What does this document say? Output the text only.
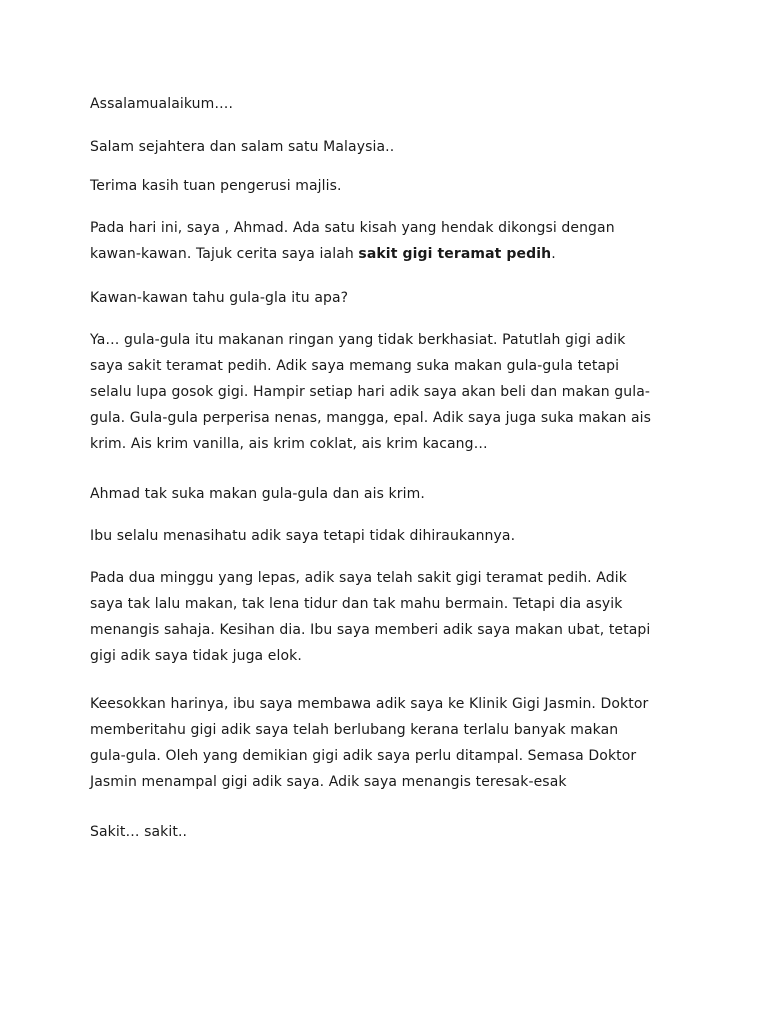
Assalamualaikum….

Salam sejahtera dan salam satu Malaysia..

Terima kasih tuan pengerusi majlis.

Pada hari ini, saya , Ahmad. Ada satu kisah yang hendak dikongsi dengan
kawan-kawan. Tajuk cerita saya ialah sakit gigi teramat pedih.

Kawan-kawan tahu gula-gla itu apa?

Ya… gula-gula itu makanan ringan yang tidak berkhasiat. Patutlah gigi adik
saya sakit teramat pedih. Adik saya memang suka makan gula-gula tetapi
selalu lupa gosok gigi. Hampir setiap hari adik saya akan beli dan makan gula-
gula. Gula-gula perperisa nenas, mangga, epal. Adik saya juga suka makan ais
krim. Ais krim vanilla, ais krim coklat, ais krim kacang…

Ahmad tak suka makan gula-gula dan ais krim.

Ibu selalu menasihatu adik saya tetapi tidak dihiraukannya.

Pada dua minggu yang lepas, adik saya telah sakit gigi teramat pedih. Adik
saya tak lalu makan, tak lena tidur dan tak mahu bermain. Tetapi dia asyik
menangis sahaja. Kesihan dia. Ibu saya memberi adik saya makan ubat, tetapi
gigi adik saya tidak juga elok.

Keesokkan harinya, ibu saya membawa adik saya ke Klinik Gigi Jasmin. Doktor
memberitahu gigi adik saya telah berlubang kerana terlalu banyak makan
gula-gula. Oleh yang demikian gigi adik saya perlu ditampal. Semasa Doktor
Jasmin menampal gigi adik saya. Adik saya menangis teresak-esak

Sakit… sakit..
